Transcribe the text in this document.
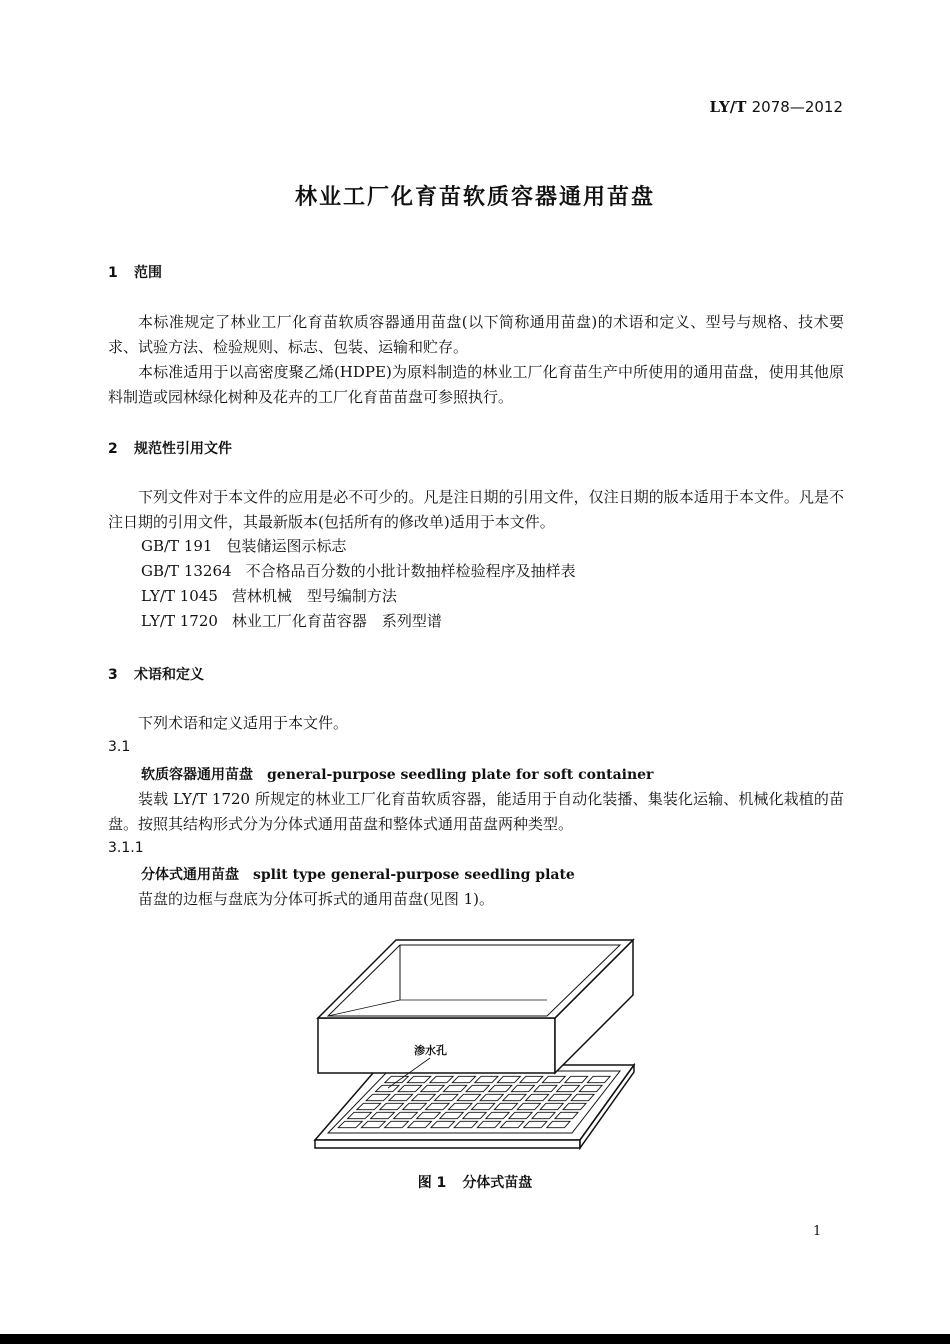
LY/T 2078—2012
林业工厂化育苗软质容器通用苗盘
1 范围
本标准规定了林业工厂化育苗软质容器通用苗盘(以下简称通用苗盘)的术语和定义、型号与规格、技术要求、试验方法、检验规则、标志、包装、运输和贮存。
本标准适用于以高密度聚乙烯(HDPE)为原料制造的林业工厂化育苗生产中所使用的通用苗盘，使用其他原料制造或园林绿化树种及花卉的工厂化育苗苗盘可参照执行。
2 规范性引用文件
下列文件对于本文件的应用是必不可少的。凡是注日期的引用文件，仅注日期的版本适用于本文件。凡是不注日期的引用文件，其最新版本(包括所有的修改单)适用于本文件。
GB/T 191 包装储运图示标志
GB/T 13264 不合格品百分数的小批计数抽样检验程序及抽样表
LY/T 1045 营林机械　型号编制方法
LY/T 1720 林业工厂化育苗容器　系列型谱
3 术语和定义
下列术语和定义适用于本文件。
3.1
软质容器通用苗盘 general-purpose seedling plate for soft container
装载 LY/T 1720 所规定的林业工厂化育苗软质容器，能适用于自动化装播、集装化运输、机械化栽植的苗盘。按照其结构形式分为分体式通用苗盘和整体式通用苗盘两种类型。
3.1.1
分体式通用苗盘 split type general-purpose seedling plate
苗盘的边框与盘底为分体可拆式的通用苗盘(见图 1)。
渗水孔
图 1 分体式苗盘
1
